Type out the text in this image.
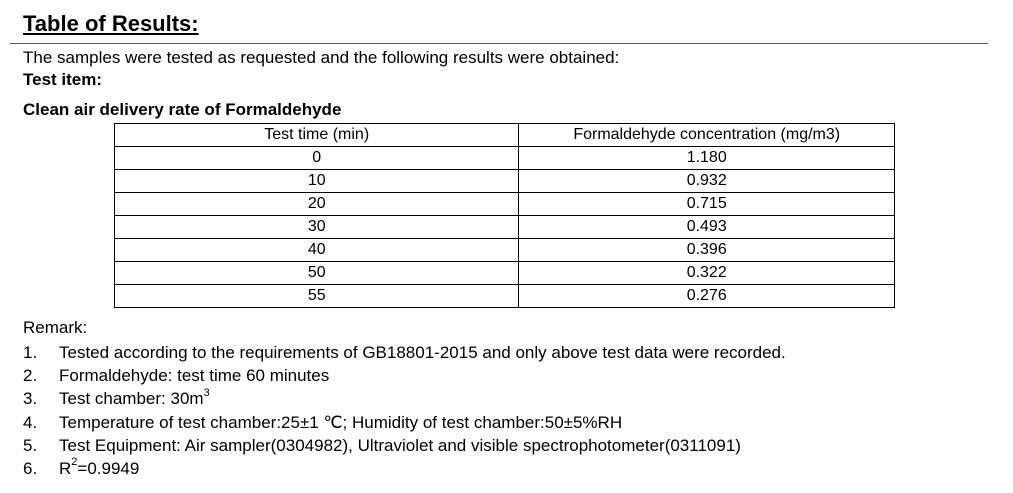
Table of Results:
The samples were tested as requested and the following results were obtained:
Test item:
Clean air delivery rate of Formaldehyde
Test time (min)	Formaldehyde concentration (mg/m3)
0	1.180
10	0.932
20	0.715
30	0.493
40	0.396
50	0.322
55	0.276
Remark:
1. Tested according to the requirements of GB18801-2015 and only above test data were recorded.
2. Formaldehyde: test time 60 minutes
3. Test chamber: $30m^3$
4. Temperature of test chamber:25±1 ℃; Humidity of test chamber:50±5%RH
5. Test Equipment: Air sampler(0304982), Ultraviolet and visible spectrophotometer(0311091)
6. $R^2=0.9949$
